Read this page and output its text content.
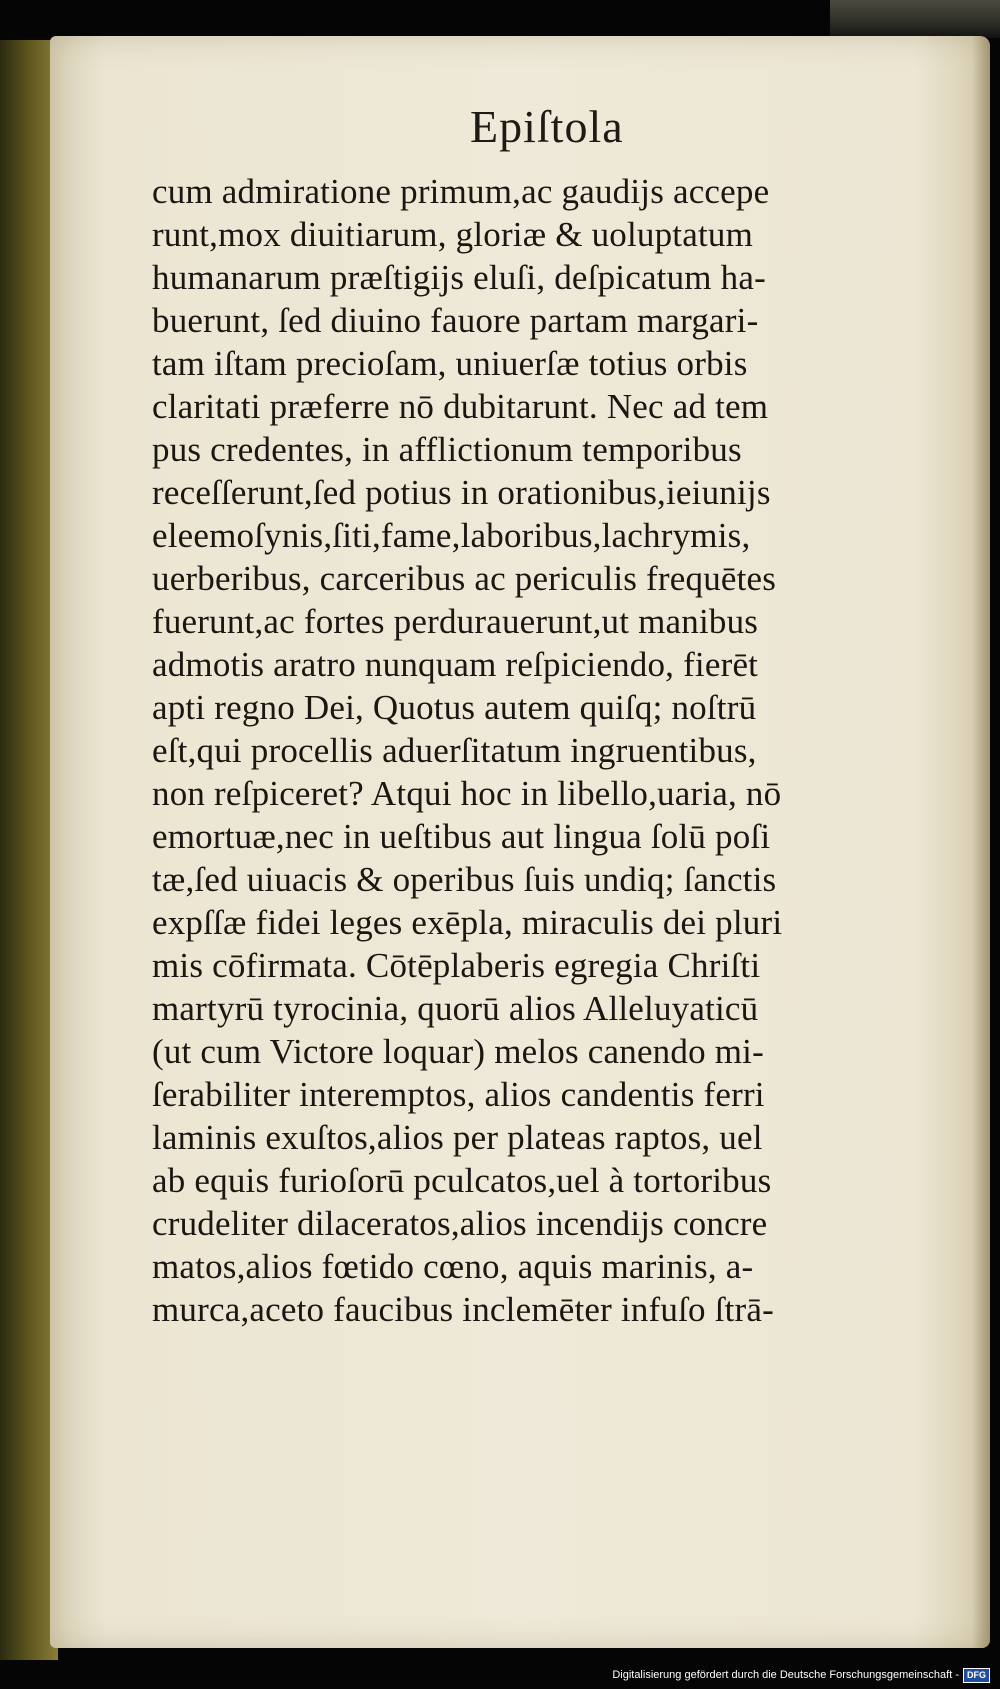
Epiſtola
cum admiratione primum,ac gaudijs accepe
runt,mox diuitiarum, gloriæ & uoluptatum
humanarum præſtigijs eluſi, deſpicatum ha-
buerunt, ſed diuino fauore partam margari-
tam iſtam precioſam, uniuerſæ totius orbis
claritati præferre nō dubitarunt. Nec ad tem
pus credentes, in afflictionum temporibus
receſſerunt,ſed potius in orationibus,ieiunijs
eleemoſynis,ſiti,fame,laboribus,lachrymis,
uerberibus, carceribus ac periculis frequētes
fuerunt,ac fortes perdurauerunt,ut manibus
admotis aratro nunquam reſpiciendo, fierēt
apti regno Dei, Quotus autem quiſq; noſtrū
eſt,qui procellis aduerſitatum ingruentibus,
non reſpiceret? Atqui hoc in libello,uaria, nō
emortuæ,nec in ueſtibus aut lingua ſolū poſi
tæ,ſed uiuacis & operibus ſuis undiq; ſanctis
expſſæ fidei leges exēpla, miraculis dei pluri
mis cōfirmata. Cōtēplaberis egregia Chriſti
martyrū tyrocinia, quorū alios Alleluyaticū
(ut cum Victore loquar) melos canendo mi-
ſerabiliter interemptos, alios candentis ferri
laminis exuſtos,alios per plateas raptos, uel
ab equis furioſorū pculcatos,uel à tortoribus
crudeliter dilaceratos,alios incendijs concre
matos,alios fœtido cœno, aquis marinis, a-
murca,aceto faucibus inclemēter infuſo ſtrā-
Digitalisierung gefördert durch die Deutsche Forschungsgemeinschaft - DFG
